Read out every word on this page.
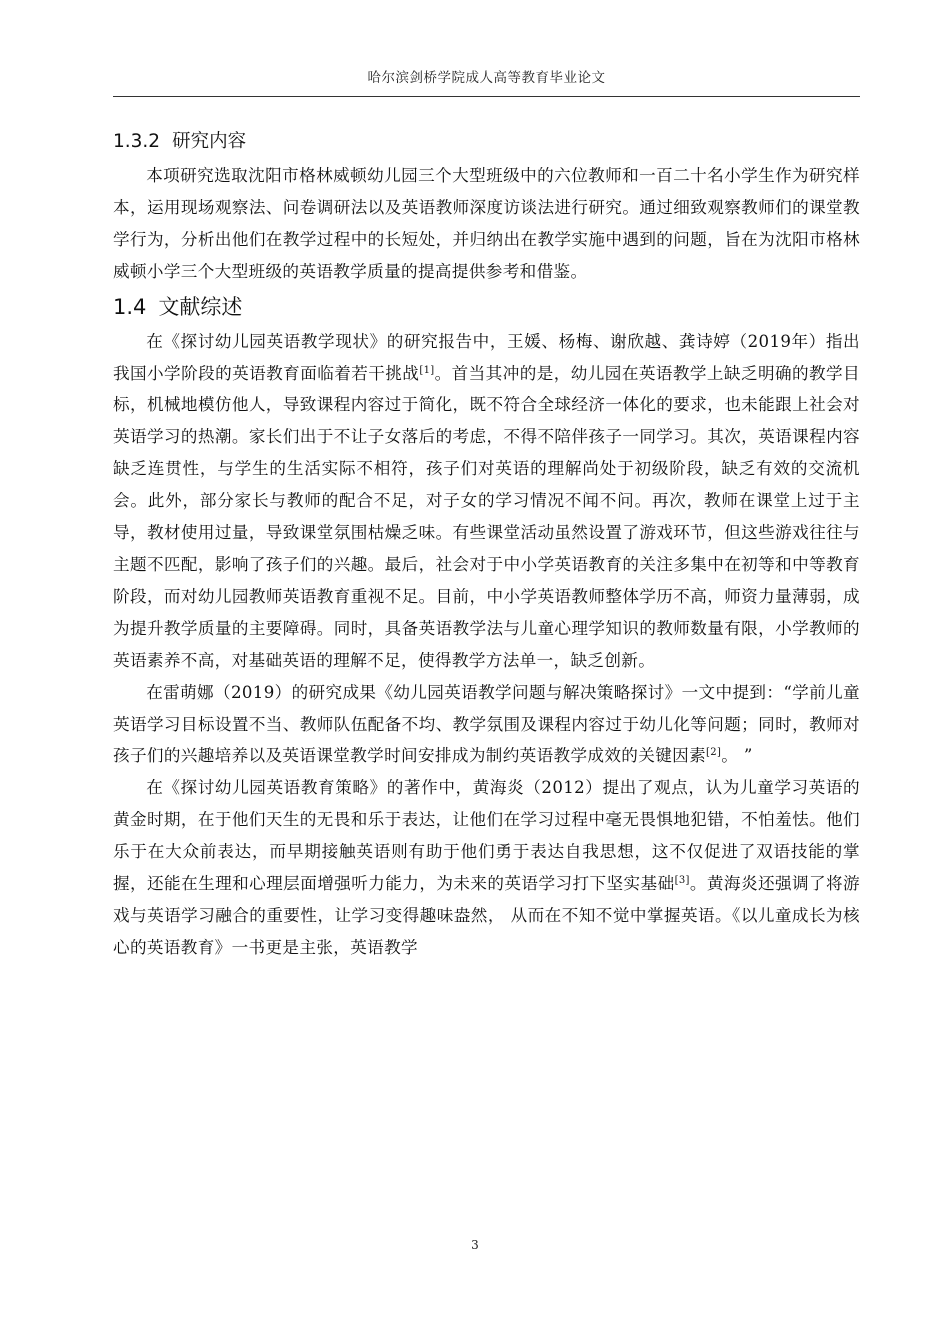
哈尔滨剑桥学院成人高等教育毕业论文
1.3.2 研究内容

本项研究选取沈阳市格林威顿幼儿园三个大型班级中的六位教师和一百二十名小学生作为研究样本，运用现场观察法、问卷调研法以及英语教师深度访谈法进行研究。通过细致观察教师们的课堂教学行为，分析出他们在教学过程中的长短处，并归纳出在教学实施中遇到的问题，旨在为沈阳市格林威顿小学三个大型班级的英语教学质量的提高提供参考和借鉴。

1.4 文献综述

在《探讨幼儿园英语教学现状》的研究报告中，王媛、杨梅、谢欣越、龚诗婷（2019年）指出我国小学阶段的英语教育面临着若干挑战[1]。首当其冲的是，幼儿园在英语教学上缺乏明确的教学目标，机械地模仿他人，导致课程内容过于简化，既不符合全球经济一体化的要求，也未能跟上社会对英语学习的热潮。家长们出于不让子女落后的考虑，不得不陪伴孩子一同学习。其次，英语课程内容缺乏连贯性，与学生的生活实际不相符，孩子们对英语的理解尚处于初级阶段，缺乏有效的交流机会。此外，部分家长与教师的配合不足，对子女的学习情况不闻不问。再次，教师在课堂上过于主导，教材使用过量，导致课堂氛围枯燥乏味。有些课堂活动虽然设置了游戏环节，但这些游戏往往与主题不匹配，影响了孩子们的兴趣。最后，社会对于中小学英语教育的关注多集中在初等和中等教育阶段，而对幼儿园教师英语教育重视不足。目前，中小学英语教师整体学历不高，师资力量薄弱，成为提升教学质量的主要障碍。同时，具备英语教学法与儿童心理学知识的教师数量有限，小学教师的英语素养不高，对基础英语的理解不足，使得教学方法单一，缺乏创新。

在雷萌娜（2019）的研究成果《幼儿园英语教学问题与解决策略探讨》一文中提到：“学前儿童英语学习目标设置不当、教师队伍配备不均、教学氛围及课程内容过于幼儿化等问题；同时，教师对孩子们的兴趣培养以及英语课堂教学时间安排成为制约英语教学成效的关键因素[2]。 ”

在《探讨幼儿园英语教育策略》的著作中，黄海炎（2012）提出了观点，认为儿童学习英语的黄金时期，在于他们天生的无畏和乐于表达，让他们在学习过程中毫无畏惧地犯错，不怕羞怯。他们乐于在大众前表达，而早期接触英语则有助于他们勇于表达自我思想，这不仅促进了双语技能的掌握，还能在生理和心理层面增强听力能力，为未来的英语学习打下坚实基础[3]。黄海炎还强调了将游戏与英语学习融合的重要性，让学习变得趣味盎然， 从而在不知不觉中掌握英语。《以儿童成长为核心的英语教育》一书更是主张，英语教学

3
